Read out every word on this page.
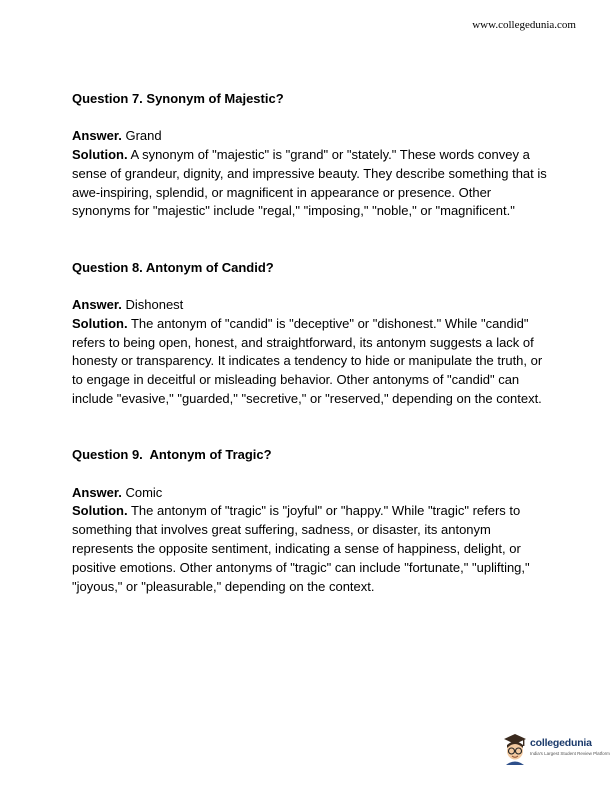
www.collegedunia.com

Question 7. Synonym of Majestic?

Answer. Grand

Solution. A synonym of "majestic" is "grand" or "stately." These words convey a sense of grandeur, dignity, and impressive beauty. They describe something that is awe-inspiring, splendid, or magnificent in appearance or presence. Other synonyms for "majestic" include "regal," "imposing," "noble," or "magnificent."

Question 8. Antonym of Candid?

Answer. Dishonest

Solution. The antonym of "candid" is "deceptive" or "dishonest." While "candid" refers to being open, honest, and straightforward, its antonym suggests a lack of honesty or transparency. It indicates a tendency to hide or manipulate the truth, or to engage in deceitful or misleading behavior. Other antonyms of "candid" can include "evasive," "guarded," "secretive," or "reserved," depending on the context.

Question 9.  Antonym of Tragic?

Answer. Comic

Solution. The antonym of "tragic" is "joyful" or "happy." While "tragic" refers to something that involves great suffering, sadness, or disaster, its antonym represents the opposite sentiment, indicating a sense of happiness, delight, or positive emotions. Other antonyms of "tragic" can include "fortunate," "uplifting," "joyous," or "pleasurable," depending on the context.

collegedunia
India's Largest Student Review Platform
